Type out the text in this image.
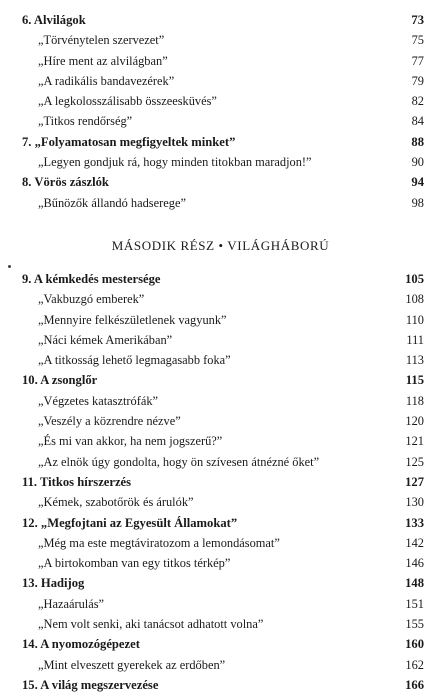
6. Alvilágok	73
„Törvénytelen szervezet”	75
„Híre ment az alvilágban”	77
„A radikális bandavezérek”	79
„A legkolosszálisabb összeesküvés”	82
„Titkos rendőrség”	84
7. „Folyamatosan megfigyeltek minket”	88
„Legyen gondjuk rá, hogy minden titokban maradjon!”	90
8. Vörös zászlók	94
„Bűnözők állandó hadserege”	98
MÁSODIK RÉSZ • VILÁGHÁBORÚ
9. A kémkedés mestersége	105
„Vakbuzgó emberek”	108
„Mennyire felkészületlenek vagyunk”	110
„Náci kémek Amerikában”	111
„A titkosság lehető legmagasabb foka”	113
10. A zsonglőr	115
„Végzetes katasztrófák”	118
„Veszély a közrendre nézve”	120
„És mi van akkor, ha nem jogszerű?”	121
„Az elnök úgy gondolta, hogy ön szívesen átnézné őket”	125
11. Titkos hírszerzés	127
„Kémek, szabotőrök és árulók”	130
12. „Megfojtani az Egyesült Államokat”	133
„Még ma este megtáviratozom a lemondásomat”	142
„A birtokomban van egy titkos térkép”	146
13. Hadijog	148
„Hazaárulás”	151
„Nem volt senki, aki tanácsot adhatott volna”	155
14. A nyomozógépezet	160
„Mint elveszett gyerekek az erdőben”	162
15. A világ megszervezése	166
